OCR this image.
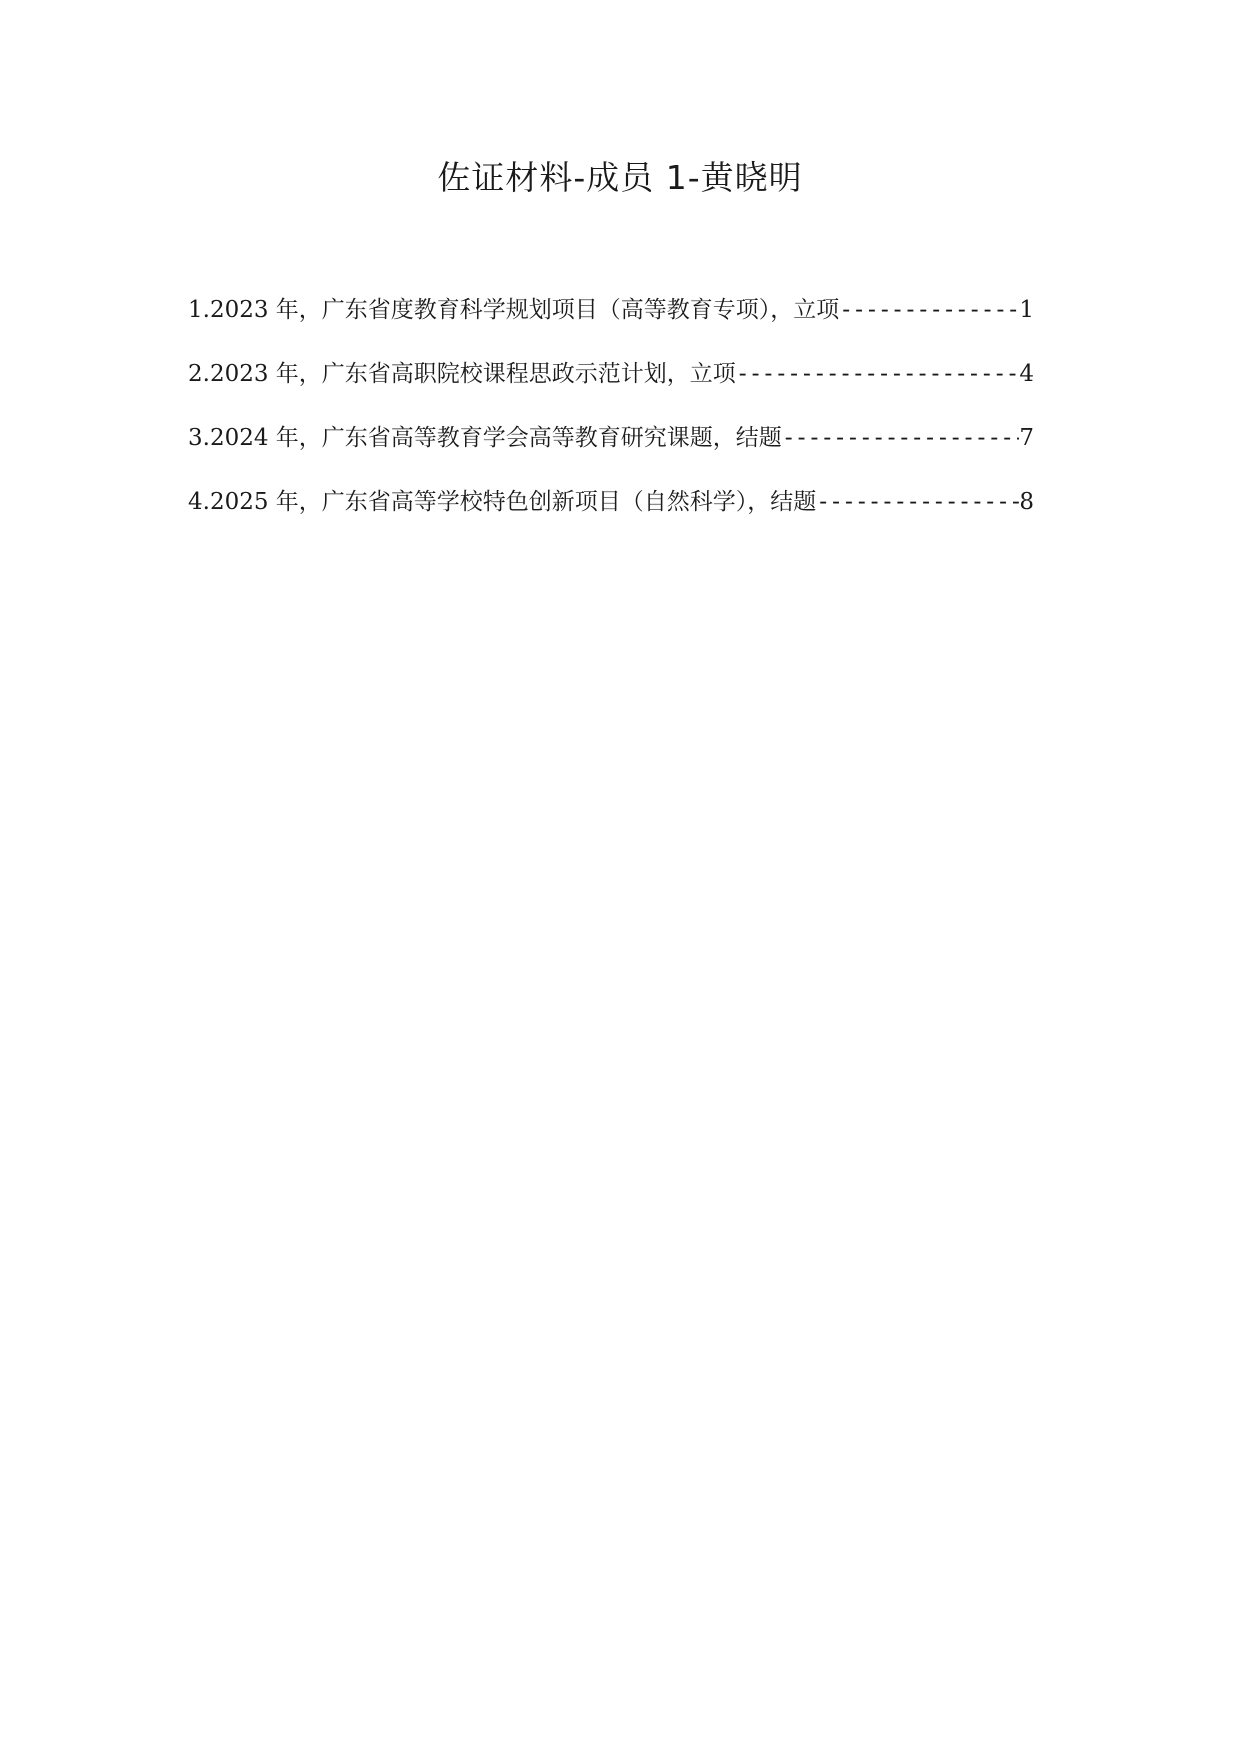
佐证材料-成员 1-黄晓明
1.2023 年，广东省度教育科学规划项目（高等教育专项），立项 -----	1
2.2023 年，广东省高职院校课程思政示范计划，立项 -----	4
3.2024 年，广东省高等教育学会高等教育研究课题，结题 -----	7
4.2025 年，广东省高等学校特色创新项目（自然科学），结题 -----	8
